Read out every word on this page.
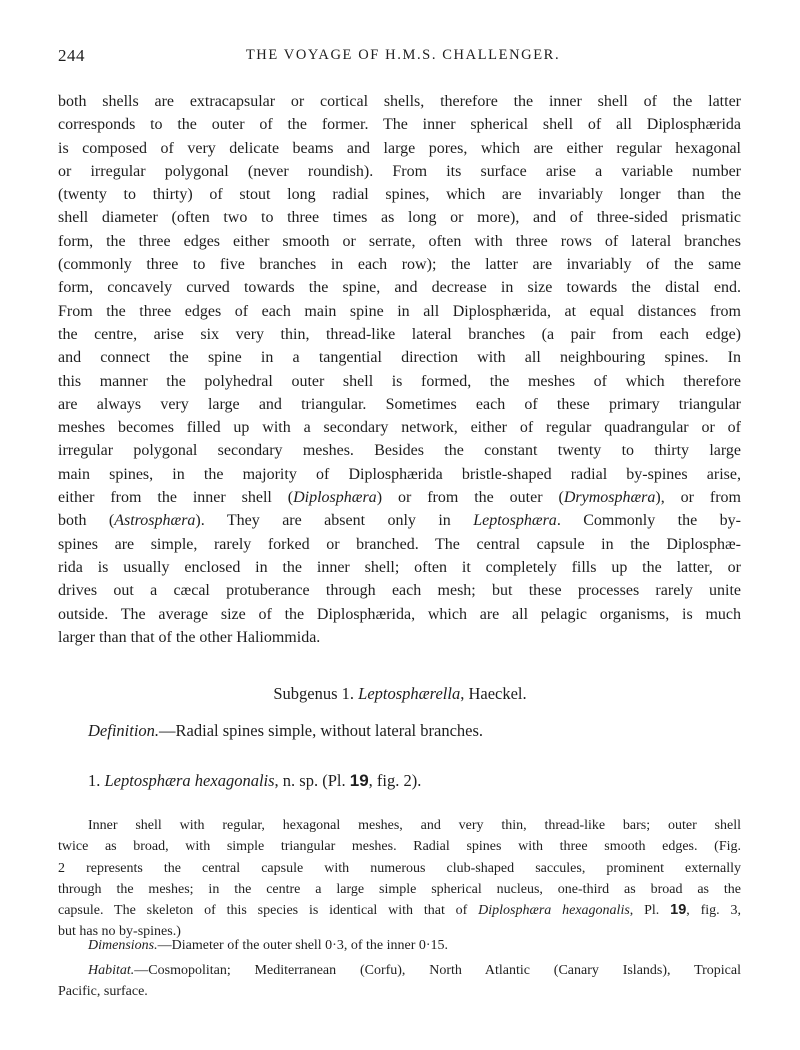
244	THE VOYAGE OF H.M.S. CHALLENGER.
both shells are extracapsular or cortical shells, therefore the inner shell of the latter
corresponds to the outer of the former. The inner spherical shell of all Diplosphærida
is composed of very delicate beams and large pores, which are either regular hexagonal
or irregular polygonal (never roundish). From its surface arise a variable number
(twenty to thirty) of stout long radial spines, which are invariably longer than the
shell diameter (often two to three times as long or more), and of three-sided prismatic
form, the three edges either smooth or serrate, often with three rows of lateral branches
(commonly three to five branches in each row); the latter are invariably of the same
form, concavely curved towards the spine, and decrease in size towards the distal end.
From the three edges of each main spine in all Diplosphærida, at equal distances from
the centre, arise six very thin, thread-like lateral branches (a pair from each edge)
and connect the spine in a tangential direction with all neighbouring spines. In
this manner the polyhedral outer shell is formed, the meshes of which therefore
are always very large and triangular. Sometimes each of these primary triangular
meshes becomes filled up with a secondary network, either of regular quadrangular or of
irregular polygonal secondary meshes. Besides the constant twenty to thirty large
main spines, in the majority of Diplosphærida bristle-shaped radial by-spines arise,
either from the inner shell (Diplosphæra) or from the outer (Drymosphæra), or from
both (Astrosphæra). They are absent only in Leptosphæra. Commonly the by-
spines are simple, rarely forked or branched. The central capsule in the Diplosphæ-
rida is usually enclosed in the inner shell; often it completely fills up the latter, or
drives out a cæcal protuberance through each mesh; but these processes rarely unite
outside. The average size of the Diplosphærida, which are all pelagic organisms, is much
larger than that of the other Haliommida.
Subgenus 1. Leptosphærella, Haeckel.
Definition.—Radial spines simple, without lateral branches.
1. Leptosphæra hexagonalis, n. sp. (Pl. 19, fig. 2).
Inner shell with regular, hexagonal meshes, and very thin, thread-like bars; outer shell
twice as broad, with simple triangular meshes. Radial spines with three smooth edges. (Fig.
2 represents the central capsule with numerous club-shaped saccules, prominent externally
through the meshes; in the centre a large simple spherical nucleus, one-third as broad as the
capsule. The skeleton of this species is identical with that of Diplosphæra hexagonalis, Pl. 19, fig. 3,
but has no by-spines.)
Dimensions.—Diameter of the outer shell 0·3, of the inner 0·15.
Habitat.—Cosmopolitan; Mediterranean (Corfu), North Atlantic (Canary Islands), Tropical
Pacific, surface.
